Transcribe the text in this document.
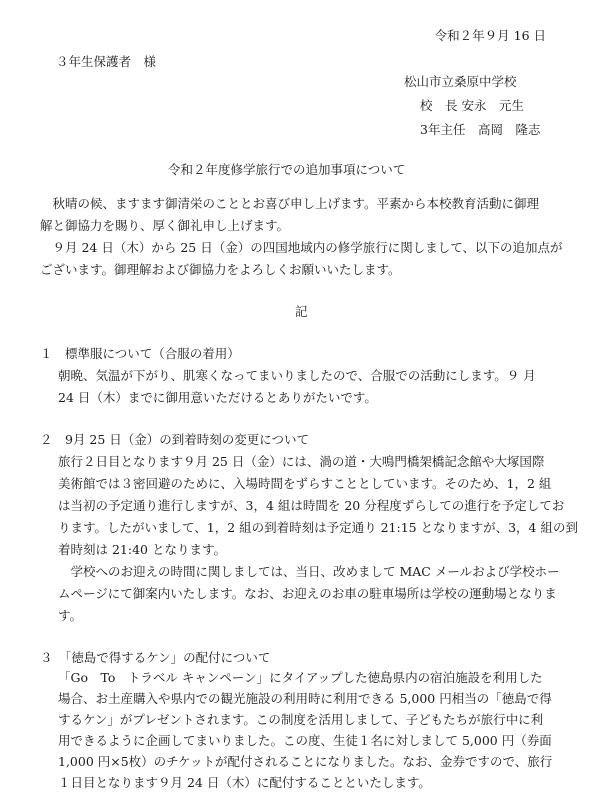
令和２年９月 16 日

３年生保護者　様

松山市立桑原中学校

校　長 安永　元生

3年主任　高岡　隆志

令和２年度修学旅行での追加事項について

　秋晴の候、ますます御清栄のこととお喜び申し上げます。平素から本校教育活動に御理

解と御協力を賜り、厚く御礼申し上げます。

　９月 24 日（木）から 25 日（金）の四国地域内の修学旅行に関しまして、以下の追加点が

ございます。御理解および御協力をよろしくお願いいたします。

記

１　標準服について（合服の着用）

朝晩、気温が下がり、肌寒くなってまいりましたので、合服での活動にします。９ 月

24 日（木）までに御用意いただけるとありがたいです。

２　9月 25 日（金）の到着時刻の変更について

旅行２日目となります９月 25 日（金）には、渦の道・大鳴門橋架橋記念館や大塚国際

美術館では３密回避のために、入場時間をずらすこととしています。そのため、1，2 組

は当初の予定通り進行しますが、3，4 組は時間を 20 分程度ずらしての進行を予定してお

ります。したがいまして、1，2 組の到着時刻は予定通り 21:15 となりますが、3，4 組の到

着時刻は 21:40 となります。

　学校へのお迎えの時間に関しましては、当日、改めまして MAC メールおよび学校ホー

ムページにて御案内いたします。なお、お迎えのお車の駐車場所は学校の運動場となりま

す。

３　「徳島で得するケン」の配付について

「Go　To　トラベル キャンペーン」にタイアップした徳島県内の宿泊施設を利用した

場合、お土産購入や県内での観光施設の利用時に利用できる 5,000 円相当の「徳島で得

するケン」がプレゼントされます。この制度を活用しまして、子どもたちが旅行中に利

用できるように企画してまいりました。この度、生徒１名に対しまして 5,000 円（券面

1,000 円×5枚）のチケットが配付されることになりました。なお、金券ですので、旅行

１日目となります９月 24 日（木）に配付することといたします。
